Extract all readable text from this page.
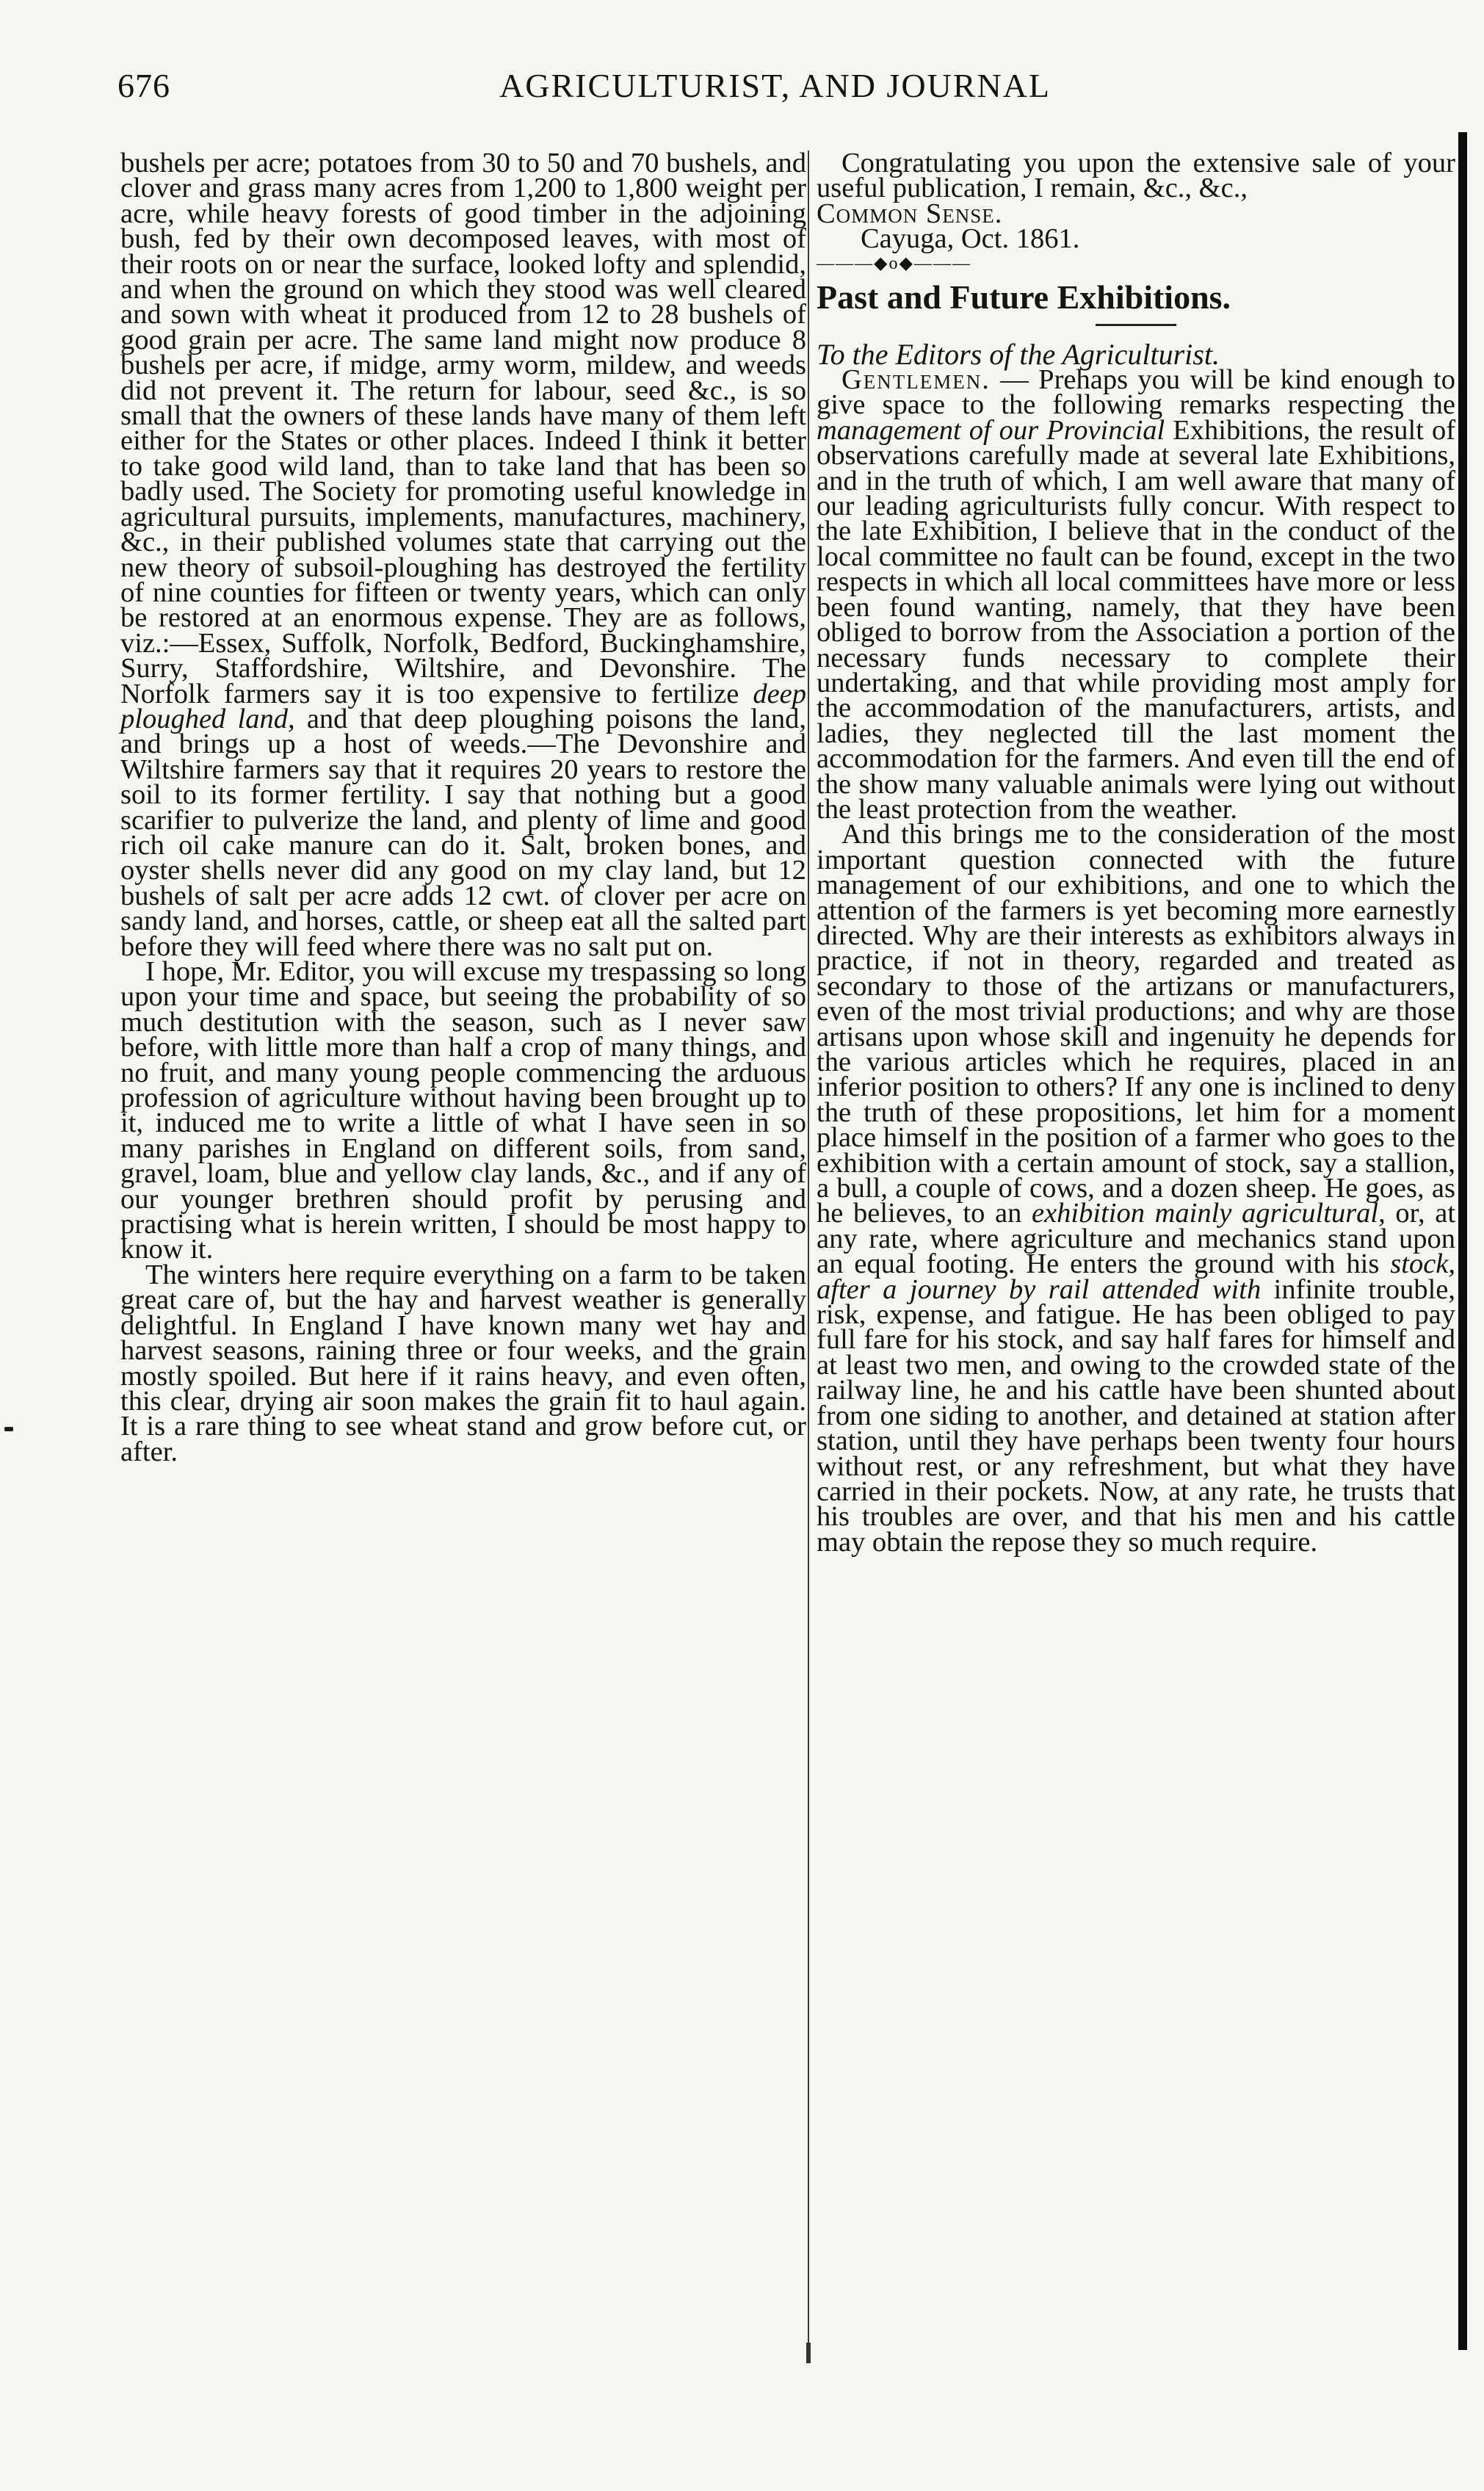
676	AGRICULTURIST, AND JOURNAL

bushels per acre; potatoes from 30 to 50 and 70 bushels, and clover and grass many acres from 1,200 to 1,800 weight per acre, while heavy forests of good timber in the adjoining bush, fed by their own decomposed leaves, with most of their roots on or near the surface, looked lofty and splendid, and when the ground on which they stood was well cleared and sown with wheat it produced from 12 to 28 bushels of good grain per acre. The same land might now produce 8 bushels per acre, if midge, army worm, mildew, and weeds did not prevent it. The return for labour, seed &c., is so small that the owners of these lands have many of them left either for the States or other places. Indeed I think it better to take good wild land, than to take land that has been so badly used. The Society for promoting useful knowledge in agricultural pursuits, implements, manufactures, machinery, &c., in their published volumes state that carrying out the new theory of subsoil-ploughing has destroyed the fertility of nine counties for fifteen or twenty years, which can only be restored at an enormous expense. They are as follows, viz.:—Essex, Suffolk, Norfolk, Bedford, Buckinghamshire, Surry, Staffordshire, Wiltshire, and Devonshire. The Norfolk farmers say it is too expensive to fertilize deep ploughed land, and that deep ploughing poisons the land, and brings up a host of weeds.—The Devonshire and Wiltshire farmers say that it requires 20 years to restore the soil to its former fertility. I say that nothing but a good scarifier to pulverize the land, and plenty of lime and good rich oil cake manure can do it. Salt, broken bones, and oyster shells never did any good on my clay land, but 12 bushels of salt per acre adds 12 cwt. of clover per acre on sandy land, and horses, cattle, or sheep eat all the salted part before they will feed where there was no salt put on.

I hope, Mr. Editor, you will excuse my trespassing so long upon your time and space, but seeing the probability of so much destitution with the season, such as I never saw before, with little more than half a crop of many things, and no fruit, and many young people commencing the arduous profession of agriculture without having been brought up to it, induced me to write a little of what I have seen in so many parishes in England on different soils, from sand, gravel, loam, blue and yellow clay lands, &c., and if any of our younger brethren should profit by perusing and practising what is herein written, I should be most happy to know it.

The winters here require everything on a farm to be taken great care of, but the hay and harvest weather is generally delightful. In England I have known many wet hay and harvest seasons, raining three or four weeks, and the grain mostly spoiled. But here if it rains heavy, and even often, this clear, drying air soon makes the grain fit to haul again. It is a rare thing to see wheat stand and grow before cut, or after.

Congratulating you upon the extensive sale of your useful publication, I remain, &c., &c.,

Common Sense.

Cayuga, Oct. 1861.

———◆o◆———

Past and Future Exhibitions.

To the Editors of the Agriculturist.

Gentlemen. — Prehaps you will be kind enough to give space to the following remarks respecting the management of our Provincial Exhibitions, the result of observations carefully made at several late Exhibitions, and in the truth of which, I am well aware that many of our leading agriculturists fully concur. With respect to the late Exhibition, I believe that in the conduct of the local committee no fault can be found, except in the two respects in which all local committees have more or less been found wanting, namely, that they have been obliged to borrow from the Association a portion of the necessary funds necessary to complete their undertaking, and that while providing most amply for the accommodation of the manufacturers, artists, and ladies, they neglected till the last moment the accommodation for the farmers. And even till the end of the show many valuable animals were lying out without the least protection from the weather.

And this brings me to the consideration of the most important question connected with the future management of our exhibitions, and one to which the attention of the farmers is yet becoming more earnestly directed. Why are their interests as exhibitors always in practice, if not in theory, regarded and treated as secondary to those of the artizans or manufacturers, even of the most trivial productions; and why are those artisans upon whose skill and ingenuity he depends for the various articles which he requires, placed in an inferior position to others? If any one is inclined to deny the truth of these propositions, let him for a moment place himself in the position of a farmer who goes to the exhibition with a certain amount of stock, say a stallion, a bull, a couple of cows, and a dozen sheep. He goes, as he believes, to an exhibition mainly agricultural, or, at any rate, where agriculture and mechanics stand upon an equal footing. He enters the ground with his stock, after a journey by rail attended with infinite trouble, risk, expense, and fatigue. He has been obliged to pay full fare for his stock, and say half fares for himself and at least two men, and owing to the crowded state of the railway line, he and his cattle have been shunted about from one siding to another, and detained at station after station, until they have perhaps been twenty four hours without rest, or any refreshment, but what they have carried in their pockets. Now, at any rate, he trusts that his troubles are over, and that his men and his cattle may obtain the repose they so much require.
